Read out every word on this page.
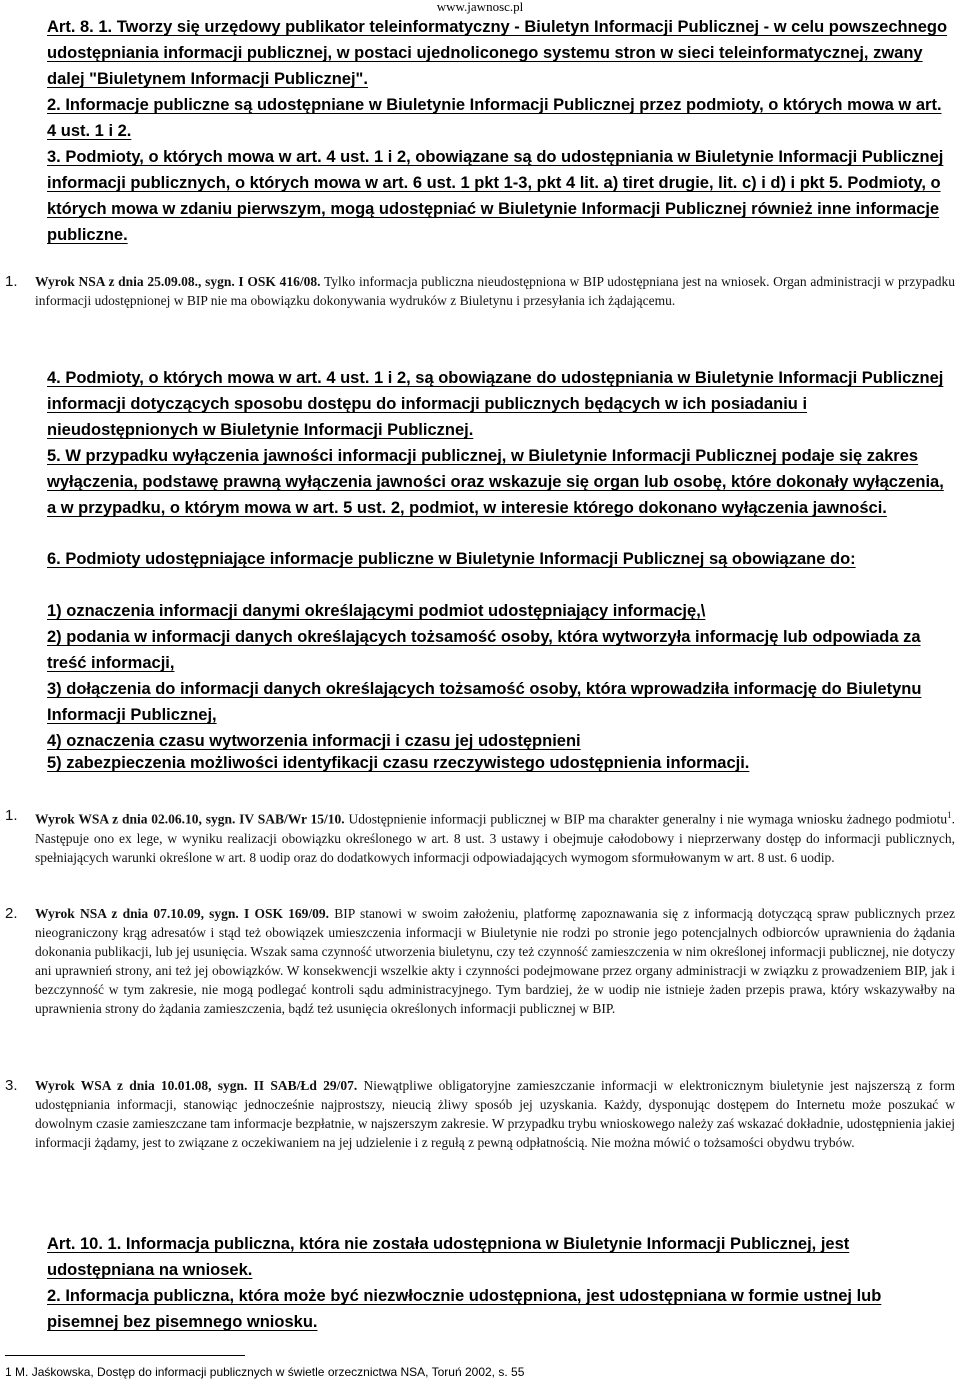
www.jawnosc.pl
Art. 8. 1. Tworzy się urzędowy publikator teleinformatyczny - Biuletyn Informacji Publicznej - w celu powszechnego udostępniania informacji publicznej, w postaci ujednoliconego systemu stron w sieci teleinformatycznej, zwany dalej "Biuletynem Informacji Publicznej".
2. Informacje publiczne są udostępniane w Biuletynie Informacji Publicznej przez podmioty, o których mowa w art. 4 ust. 1 i 2.
3. Podmioty, o których mowa w art. 4 ust. 1 i 2, obowiązane są do udostępniania w Biuletynie Informacji Publicznej informacji publicznych, o których mowa w art. 6 ust. 1 pkt 1-3, pkt 4 lit. a) tiret drugie, lit. c) i d) i pkt 5. Podmioty, o których mowa w zdaniu pierwszym, mogą udostępniać w Biuletynie Informacji Publicznej również inne informacje publiczne.
1.	Wyrok NSA z dnia 25.09.08., sygn. I OSK 416/08. Tylko informacja publiczna nieudostępniona w BIP udostępniana jest na wniosek. Organ administracji w przypadku informacji udostępnionej w BIP nie ma obowiązku dokonywania wydruków z Biuletynu i przesyłania ich żądającemu.
4. Podmioty, o których mowa w art. 4 ust. 1 i 2, są obowiązane do udostępniania w Biuletynie Informacji Publicznej informacji dotyczących sposobu dostępu do informacji publicznych będących w ich posiadaniu i nieudostępnionych w Biuletynie Informacji Publicznej.
5. W przypadku wyłączenia jawności informacji publicznej, w Biuletynie Informacji Publicznej podaje się zakres wyłączenia, podstawę prawną wyłączenia jawności oraz wskazuje się organ lub osobę, które dokonały wyłączenia, a w przypadku, o którym mowa w art. 5 ust. 2, podmiot, w interesie którego dokonano wyłączenia jawności.
6. Podmioty udostępniające informacje publiczne w Biuletynie Informacji Publicznej są obowiązane do:
1) oznaczenia informacji danymi określającymi podmiot udostępniający informację,\
2) podania w informacji danych określających tożsamość osoby, która wytworzyła informację lub odpowiada za treść informacji,
3) dołączenia do informacji danych określających tożsamość osoby, która wprowadziła informację do Biuletynu Informacji Publicznej,
4) oznaczenia czasu wytworzenia informacji i czasu jej udostępnieni
5) zabezpieczenia możliwości identyfikacji czasu rzeczywistego udostępnienia informacji.
1.	Wyrok WSA z dnia 02.06.10, sygn. IV SAB/Wr 15/10. Udostępnienie informacji publicznej w BIP ma charakter generalny i nie wymaga wniosku żadnego podmiotu$^1$. Następuje ono ex lege, w wyniku realizacji obowiązku określonego w art. 8 ust. 3 ustawy i obejmuje całodobowy i nieprzerwany dostęp do informacji publicznych, spełniających warunki określone w art. 8 uodip oraz do dodatkowych informacji odpowiadających wymogom sformułowanym w art. 8 ust. 6 uodip.
2.	Wyrok NSA z dnia 07.10.09, sygn. I OSK 169/09. BIP stanowi w swoim założeniu, platformę zapoznawania się z informacją dotyczącą spraw publicznych przez nieograniczony krąg adresatów i stąd też obowiązek umieszczenia informacji w Biuletynie nie rodzi po stronie jego potencjalnych odbiorców uprawnienia do żądania dokonania publikacji, lub jej usunięcia. Wszak sama czynność utworzenia biuletynu, czy też czynność zamieszczenia w nim określonej informacji publicznej, nie dotyczy ani uprawnień strony, ani też jej obowiązków. W konsekwencji wszelkie akty i czynności podejmowane przez organy administracji w związku z prowadzeniem BIP, jak i bezczynność w tym zakresie, nie mogą podlegać kontroli sądu administracyjnego. Tym bardziej, że w uodip nie istnieje żaden przepis prawa, który wskazywałby na uprawnienia strony do żądania zamieszczenia, bądź też usunięcia określonych informacji publicznej w BIP.
3.	Wyrok WSA z dnia 10.01.08, sygn. II SAB/Łd 29/07. Niewątpliwe obligatoryjne zamieszczanie informacji w elektronicznym biuletynie jest najszerszą z form udostępniania informacji, stanowiąc jednocześnie najprostszy, nieucią żliwy sposób jej uzyskania. Każdy, dysponując dostępem do Internetu może poszukać w dowolnym czasie zamieszczane tam informacje bezpłatnie, w najszerszym zakresie. W przypadku trybu wnioskowego należy zaś wskazać dokładnie, udostępnienia jakiej informacji żądamy, jest to związane z oczekiwaniem na jej udzielenie i z regułą z pewną odpłatnością. Nie można mówić o tożsamości obydwu trybów.
Art. 10. 1. Informacja publiczna, która nie została udostępniona w Biuletynie Informacji Publicznej, jest udostępniana na wniosek.
2. Informacja publiczna, która może być niezwłocznie udostępniona, jest udostępniana w formie ustnej lub pisemnej bez pisemnego wniosku.
1 M. Jaśkowska, Dostęp do informacji publicznych w świetle orzecznictwa NSA, Toruń 2002, s. 55
